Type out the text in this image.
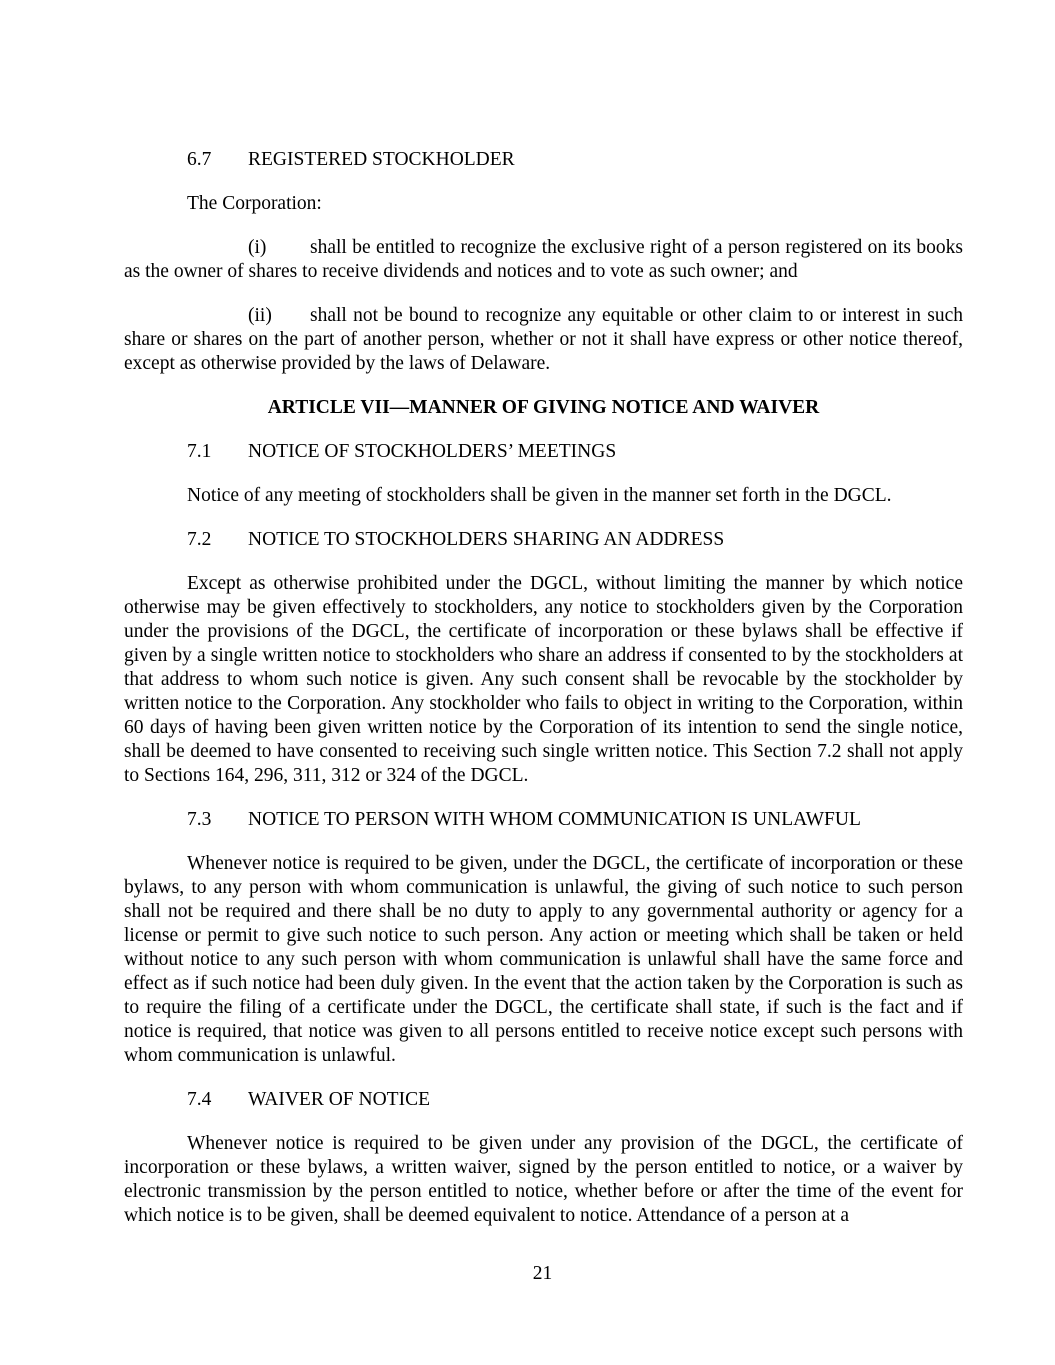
6.7 REGISTERED STOCKHOLDER
The Corporation:
(i) shall be entitled to recognize the exclusive right of a person registered on its books as the owner of shares to receive dividends and notices and to vote as such owner; and
(ii) shall not be bound to recognize any equitable or other claim to or interest in such share or shares on the part of another person, whether or not it shall have express or other notice thereof, except as otherwise provided by the laws of Delaware.
ARTICLE VII—MANNER OF GIVING NOTICE AND WAIVER
7.1 NOTICE OF STOCKHOLDERS’ MEETINGS
Notice of any meeting of stockholders shall be given in the manner set forth in the DGCL.
7.2 NOTICE TO STOCKHOLDERS SHARING AN ADDRESS
Except as otherwise prohibited under the DGCL, without limiting the manner by which notice otherwise may be given effectively to stockholders, any notice to stockholders given by the Corporation under the provisions of the DGCL, the certificate of incorporation or these bylaws shall be effective if given by a single written notice to stockholders who share an address if consented to by the stockholders at that address to whom such notice is given. Any such consent shall be revocable by the stockholder by written notice to the Corporation. Any stockholder who fails to object in writing to the Corporation, within 60 days of having been given written notice by the Corporation of its intention to send the single notice, shall be deemed to have consented to receiving such single written notice. This Section 7.2 shall not apply to Sections 164, 296, 311, 312 or 324 of the DGCL.
7.3 NOTICE TO PERSON WITH WHOM COMMUNICATION IS UNLAWFUL
Whenever notice is required to be given, under the DGCL, the certificate of incorporation or these bylaws, to any person with whom communication is unlawful, the giving of such notice to such person shall not be required and there shall be no duty to apply to any governmental authority or agency for a license or permit to give such notice to such person. Any action or meeting which shall be taken or held without notice to any such person with whom communication is unlawful shall have the same force and effect as if such notice had been duly given. In the event that the action taken by the Corporation is such as to require the filing of a certificate under the DGCL, the certificate shall state, if such is the fact and if notice is required, that notice was given to all persons entitled to receive notice except such persons with whom communication is unlawful.
7.4 WAIVER OF NOTICE
Whenever notice is required to be given under any provision of the DGCL, the certificate of incorporation or these bylaws, a written waiver, signed by the person entitled to notice, or a waiver by electronic transmission by the person entitled to notice, whether before or after the time of the event for which notice is to be given, shall be deemed equivalent to notice. Attendance of a person at a
21
